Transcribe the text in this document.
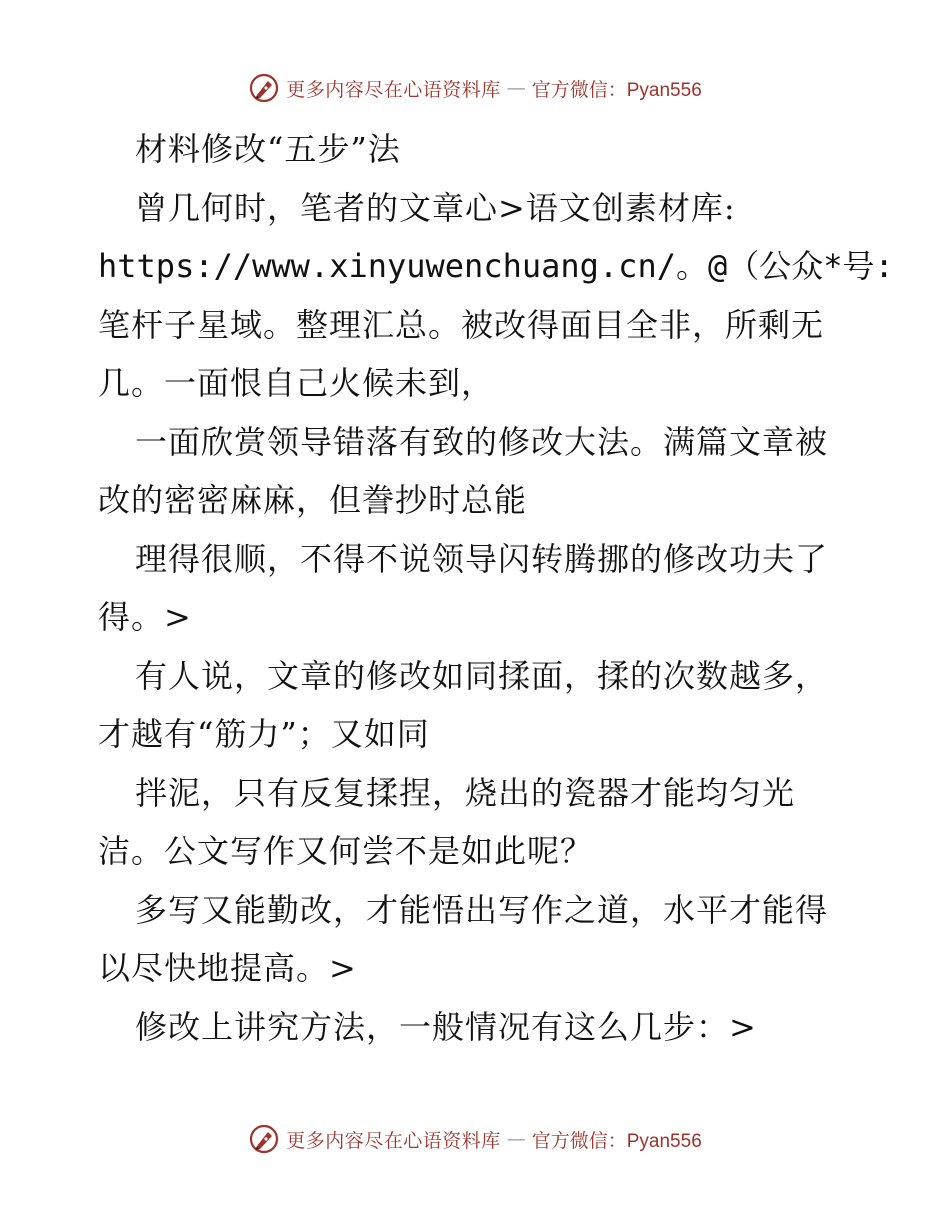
更多内容尽在心语资料库 — 官方微信：Pyan556
材料修改“五步”法
曾几何时，笔者的文章心>语文创素材库:
https://www.xinyuwenchuang.cn/。@（公众*号:
笔杆子星域。整理汇总。被改得面目全非，所剩无
几。一面恨自己火候未到，
一面欣赏领导错落有致的修改大法。满篇文章被
改的密密麻麻，但誊抄时总能
理得很顺，不得不说领导闪转腾挪的修改功夫了
得。>
有人说，文章的修改如同揉面，揉的次数越多，
才越有“筋力”；又如同
拌泥，只有反复揉捏，烧出的瓷器才能均匀光
洁。公文写作又何尝不是如此呢？
多写又能勤改，才能悟出写作之道，水平才能得
以尽快地提高。>
修改上讲究方法，一般情况有这么几步：>
更多内容尽在心语资料库 — 官方微信：Pyan556
